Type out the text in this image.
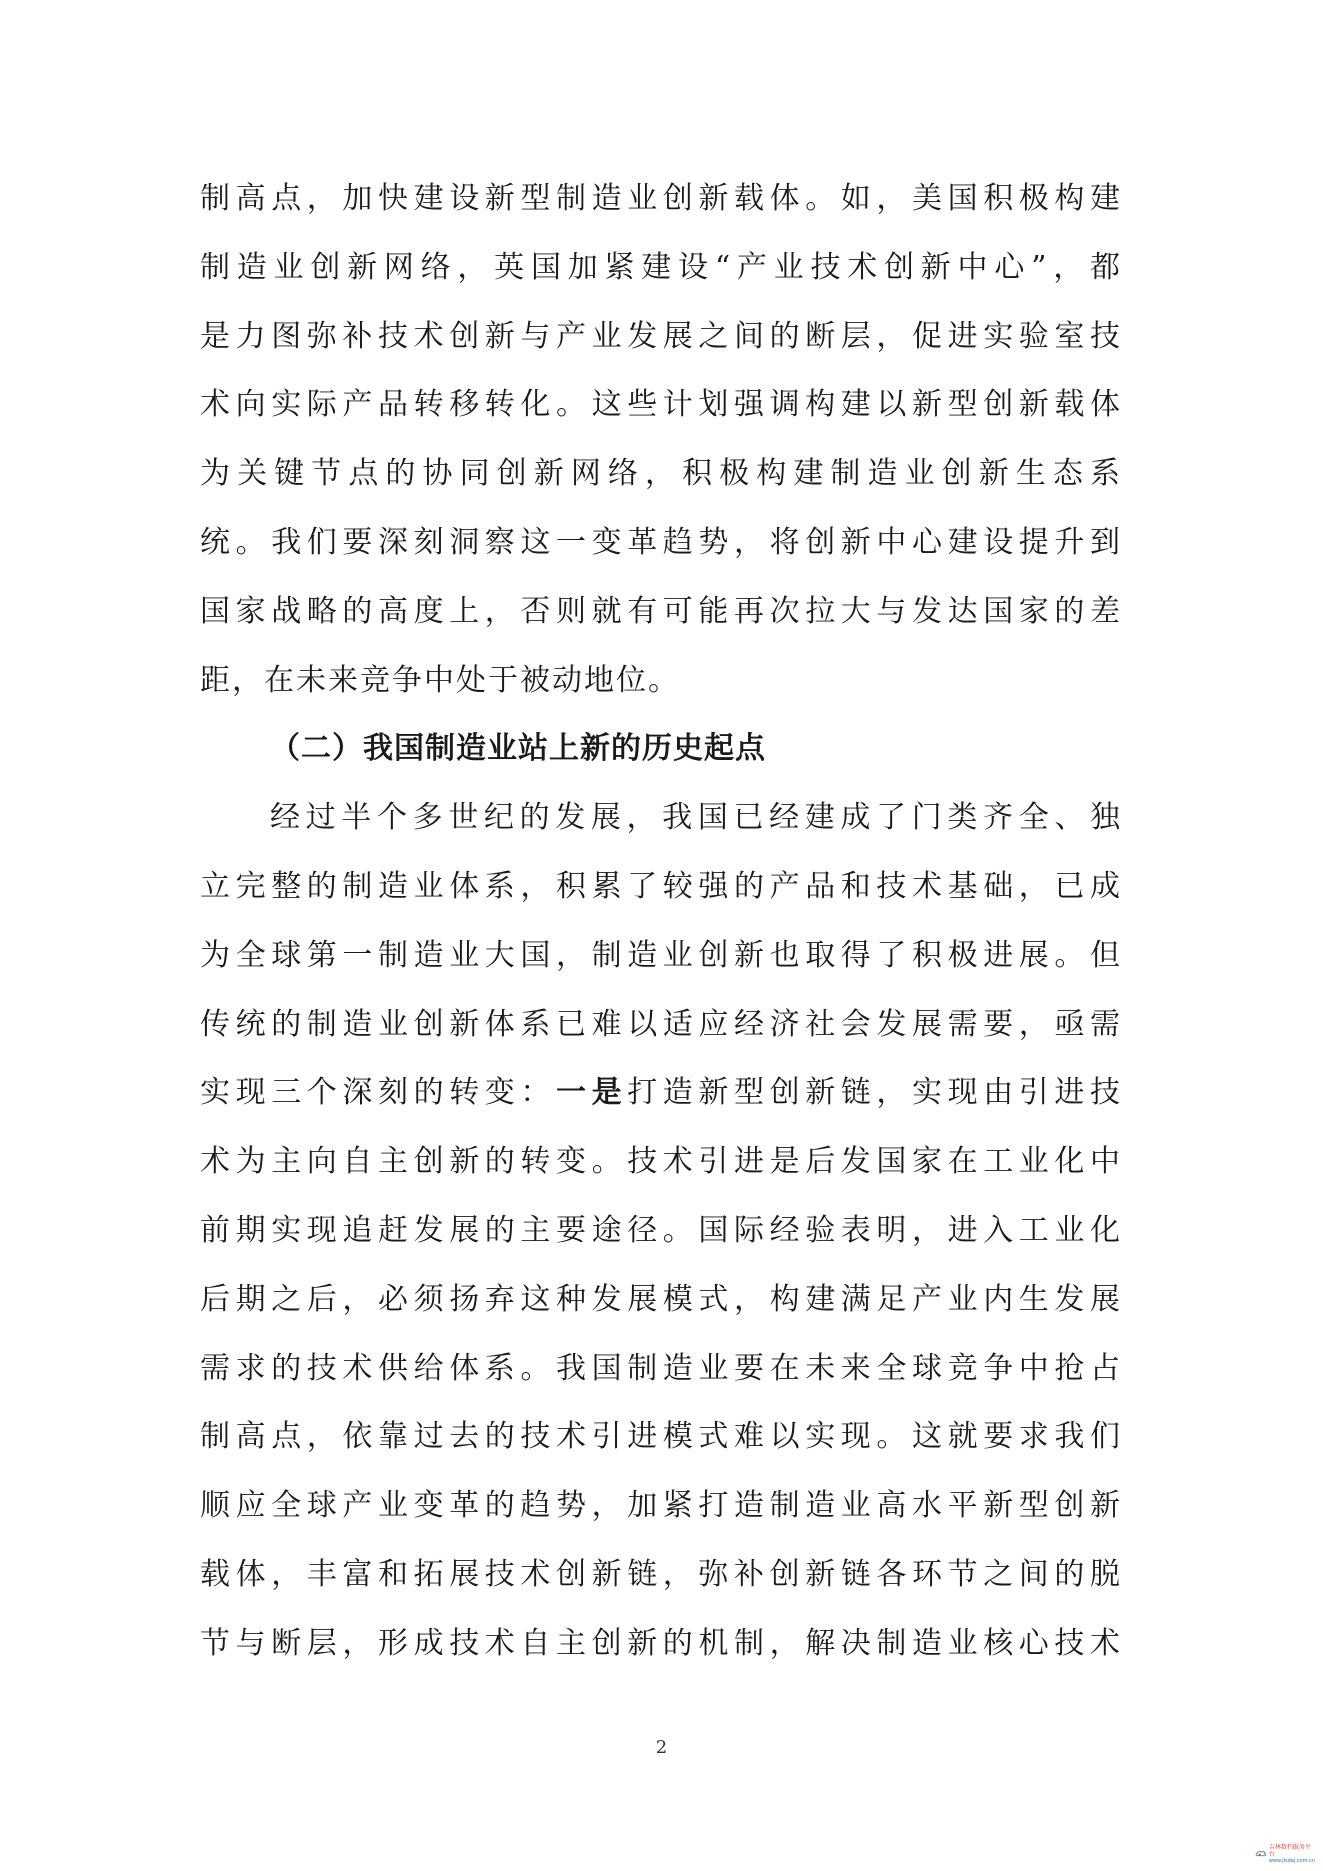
制高点，加快建设新型制造业创新载体。如，美国积极构建
制造业创新网络，英国加紧建设“产业技术创新中心”，都
是力图弥补技术创新与产业发展之间的断层，促进实验室技
术向实际产品转移转化。这些计划强调构建以新型创新载体
为关键节点的协同创新网络，积极构建制造业创新生态系
统。我们要深刻洞察这一变革趋势，将创新中心建设提升到
国家战略的高度上，否则就有可能再次拉大与发达国家的差
距，在未来竞争中处于被动地位。
（二）我国制造业站上新的历史起点
经过半个多世纪的发展，我国已经建成了门类齐全、独
立完整的制造业体系，积累了较强的产品和技术基础，已成
为全球第一制造业大国，制造业创新也取得了积极进展。但
传统的制造业创新体系已难以适应经济社会发展需要，亟需
实现三个深刻的转变：一是打造新型创新链，实现由引进技
术为主向自主创新的转变。技术引进是后发国家在工业化中
前期实现追赶发展的主要途径。国际经验表明，进入工业化
后期之后，必须扬弃这种发展模式，构建满足产业内生发展
需求的技术供给体系。我国制造业要在未来全球竞争中抢占
制高点，依靠过去的技术引进模式难以实现。这就要求我们
顺应全球产业变革的趋势，加紧打造制造业高水平新型创新
载体，丰富和拓展技术创新链，弥补创新链各环节之间的脱
节与断层，形成技术自主创新的机制，解决制造业核心技术
2
吉林数档服务平台
www.jlsdaj.com.cn
